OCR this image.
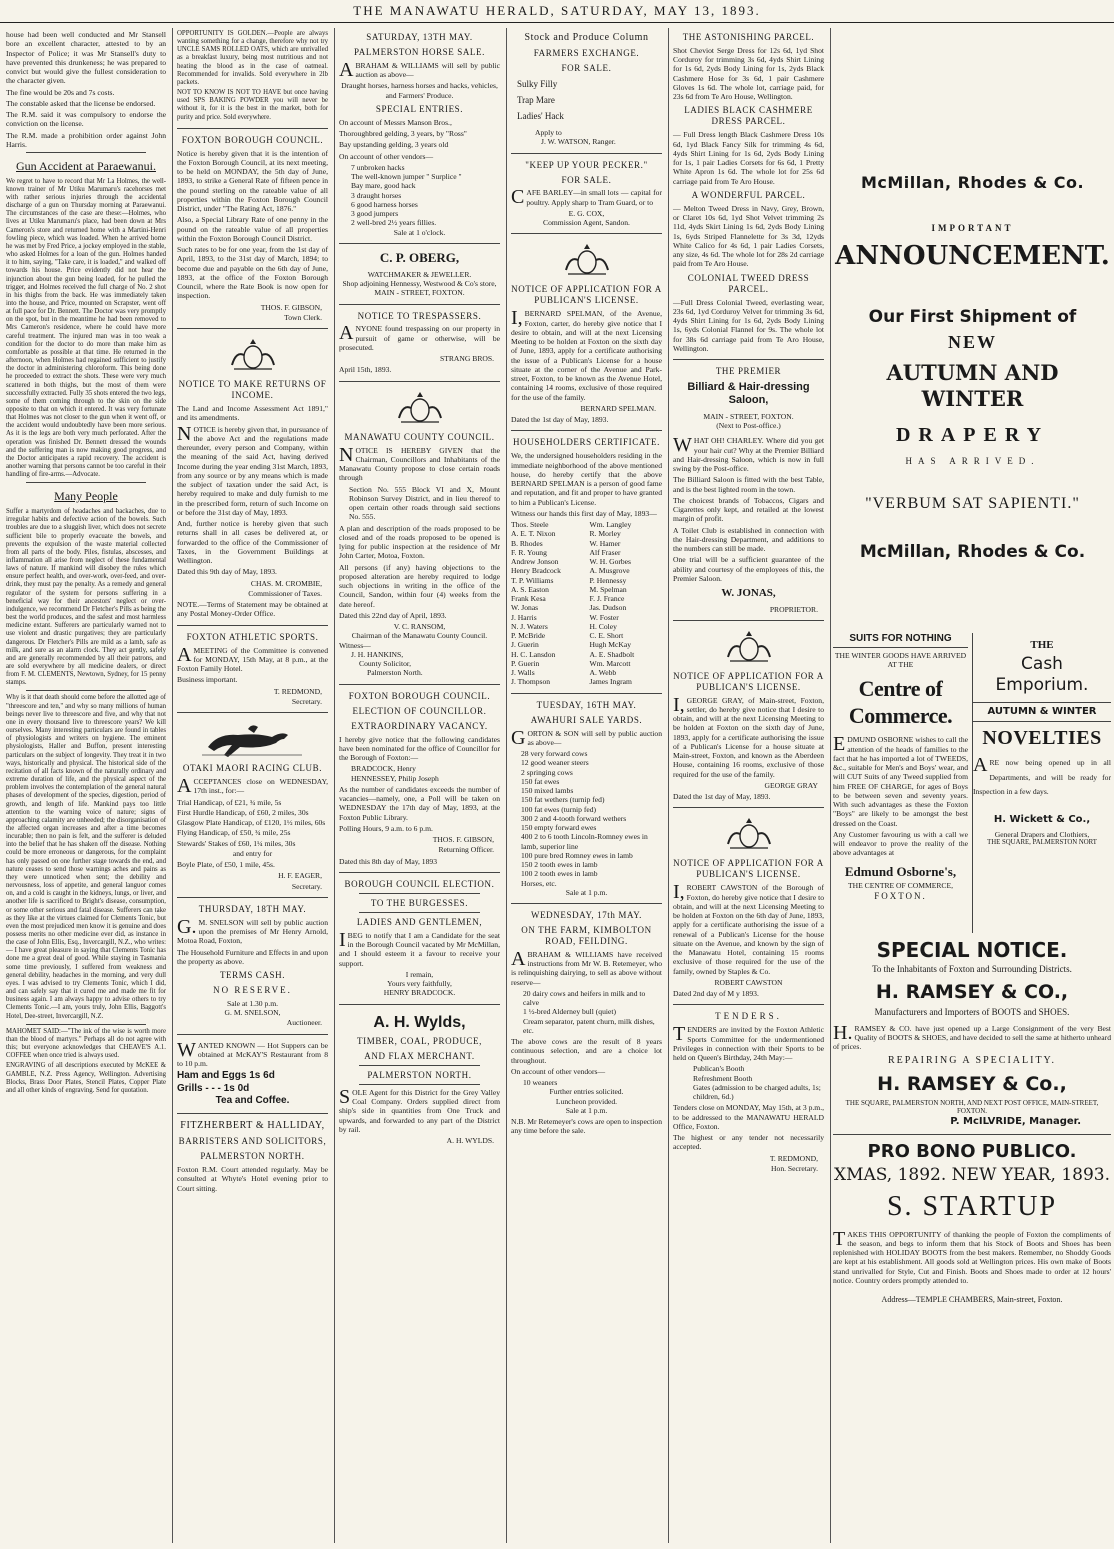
THE MANAWATU HERALD, SATURDAY, MAY 13, 1893.

house had been well conducted and Mr Stansell bore an excellent character, attested to by an Inspector of Police; it was Mr Stansell's duty to have prevented this drunkeness; he was prepared to convict but would give the fullest consideration to the character given.

The fine would be 20s and 7s costs.

The constable asked that the license be endorsed.

The R.M. said it was compulsory to endorse the conviction on the license.

The R.M. made a prohibition order against John Harris.

Gun Accident at Paraewanui.

We regret to have to record that Mr La Holmes, the well-known trainer of Mr Utiku Marumaru's racehorses met with rather serious injuries through the accidental discharge of a gun on Thursday morning at Paraewanui. The circumstances of the case are these:—Holmes, who lives at Utiku Marumaru's place, had been down at Mrs Cameron's store and returned home with a Martini-Henri fowling piece, which was loaded. When he arrived home he was met by Fred Price, a jockey employed in the stable, who asked Holmes for a loan of the gun. Holmes handed it to him, saying, "Take care, it is loaded," and walked off towards his house. Price evidently did not hear the injunction about the gun being loaded, for he pulled the trigger, and Holmes received the full charge of No. 2 shot in his thighs from the back. He was immediately taken into the house, and Price, mounted on Scrapster, went off at full pace for Dr. Bennett. The Doctor was very promptly on the spot, but in the meantime he had been removed to Mrs Cameron's residence, where he could have more careful treatment. The injured man was in too weak a condition for the doctor to do more than make him as comfortable as possible at that time. He returned in the afternoon, when Holmes had regained sufficient to justify the doctor in administering chloroform. This being done he proceeded to extract the shots. These were very much scattered in both thighs, but the most of them were successfully extracted. Fully 35 shots entered the two legs, some of them coming through to the skin on the side opposite to that on which it entered. It was very fortunate that Holmes was not closer to the gun when it went off, or the accident would undoubtedly have been more serious. As it is the legs are both very much perforated. After the operation was finished Dr. Bennett dressed the wounds and the suffering man is now making good progress, and the Doctor anticipates a rapid recovery. The accident is another warning that persons cannot be too careful in their handling of fire-arms.—Advocate.

Many People

Suffer a martyrdom of headaches and backaches, due to irregular habits and defective action of the bowels. Such troubles are due to a sluggish liver, which does not secrete sufficient bile to properly evacuate the bowels, and prevents the expulsion of the waste material collected from all parts of the body. Piles, fistulas, abscesses, and inflammation all arise from neglect of these fundamental laws of nature. If mankind will disobey the rules which ensure perfect health, and over-work, over-feed, and over-drink, they must pay the penalty. As a remedy and general regulator of the system for persons suffering in a beneficial way for their ancestors' neglect or over-indulgence, we recommend Dr Fletcher's Pills as being the best the world produces, and the safest and most harmless medicine extant. Sufferers are particularly warned not to use violent and drastic purgatives; they are particularly dangerous. Dr Fletcher's Pills are mild as a lamb, safe as milk, and sure as an alarm clock. They act gently, safely and are generally recommended by all their patrons, and are sold everywhere by all medicine dealers, or direct from F. M. CLEMENTS, Newtown, Sydney, for 15 penny stamps.

Why is it that death should come before the allotted age of "threescore and ten," and why so many millions of human beings never live to threescore and five, and why that not one in every thousand live to threescore years? We kill ourselves. Many interesting particulars are found in tables of physiologists and writers on hygiene. The eminent physiologists, Haller and Buffon, present interesting particulars on the subject of longevity. They treat it in two ways, historically and physical. The historical side of the recitation of all facts known of the naturally ordinary and extreme duration of life, and the physical aspect of the problem involves the contemplation of the general natural phases of development of the species, digestion, period of growth, and length of life. Mankind pays too little attention to the warning voice of nature; signs of approaching calamity are unheeded; the disorganisation of the affected organ increases and after a time becomes incurable; then no pain is felt, and the sufferer is deluded into the belief that he has shaken off the disease. Nothing could be more erroneous or dangerous, for the complaint has only passed on one further stage towards the end, and nature ceases to send those warnings aches and pains as they were unnoticed when sent; the debility and nervousness, loss of appetite, and general languor comes on, and a cold is caught in the kidneys, lungs, or liver, and another life is sacrificed to Bright's disease, consumption, or some other serious and fatal disease. Sufferers can take as they like at the virtues claimed for Clements Tonic, but even the most prejudiced men know it is genuine and does possess merits no other medicine ever did, as instance in the case of John Ellis, Esq., Invercargill, N.Z., who writes:— I have great pleasure in saying that Clements Tonic has done me a great deal of good. While staying in Tasmania some time previously, I suffered from weakness and general debility, headaches in the morning, and very dull eyes. I was advised to try Clements Tonic, which I did, and can safely say that it cured me and made me fit for business again. I am always happy to advise others to try Clements Tonic.—I am, yours truly, John Ellis, Baggott's Hotel, Dee-street, Invercargill, N.Z.

MAHOMET SAID:—"The ink of the wise is worth more than the blood of martyrs." Perhaps all do not agree with this; but everyone acknowledges that CHEAVE'S A.1. COFFEE when once tried is always used.

ENGRAVING of all descriptions executed by McKEE & GAMBLE, N.Z. Press Agency, Wellington. Advertising Blocks, Brass Door Plates, Stencil Plates, Copper Plate and all other kinds of engraving. Send for quotation.

OPPORTUNITY IS GOLDEN.—People are always wanting something for a change, therefore why not try UNCLE SAMS ROLLED OATS, which are unrivalled as a breakfast luxury, being most nutritious and not heating the blood as in the case of oatmeal. Recommended for invalids. Sold everywhere in 2lb packets.

NOT TO KNOW IS NOT TO HAVE but once having used SPS BAKING POWDER you will never be without it, for it is the best in the market, both for purity and price. Sold everywhere.

FOXTON BOROUGH COUNCIL.

Notice is hereby given that it is the intention of the Foxton Borough Council, at its next meeting, to be held on MONDAY, the 5th day of June, 1893, to strike a General Rate of fifteen pence in the pound sterling on the rateable value of all properties within the Foxton Borough Council District, under "The Rating Act, 1876."

Also, a Special Library Rate of one penny in the pound on the rateable value of all properties within the Foxton Borough Council District.

Such rates to be for one year, from the 1st day of April, 1893, to the 31st day of March, 1894; to become due and payable on the 6th day of June, 1893, at the office of the Foxton Borough Council, where the Rate Book is now open for inspection.

THOS. F. GIBSON,
Town Clerk.
NOTICE TO MAKE RETURNS OF INCOME.

The Land and Income Assessment Act 1891," and its amendments.

NOTICE is hereby given that, in pursuance of the above Act and the regulations made thereunder, every person and Company, within the meaning of the said Act, having derived Income during the year ending 31st March, 1893, from any source or by any means which is made the subject of taxation under the said Act, is hereby required to make and duly furnish to me in the prescribed form, return of such Income on or before the 31st day of May, 1893.

And, further notice is hereby given that such returns shall in all cases be delivered at, or forwarded to the office of the Commissioner of Taxes, in the Government Buildings at Wellington.

Dated this 9th day of May, 1893.

CHAS. M. CROMBIE,
Commissioner of Taxes.

NOTE.—Terms of Statement may be obtained at any Postal Money-Order Office.

FOXTON ATHLETIC SPORTS.

AMEETING of the Committee is convened for MONDAY, 15th May, at 8 p.m., at the Foxton Family Hotel.

Business important.

T. REDMOND,
Secretary.
OTAKI MAORI RACING CLUB.

ACCEPTANCES close on WEDNESDAY, 17th inst., for:—

Trial Handicap, of £21, ¾ mile, 5s
First Hurdle Handicap, of £60, 2 miles, 30s
Glasgow Plate Handicap, of £120, 1½ miles, 60s
Flying Handicap, of £50, ¾ mile, 25s
Stewards' Stakes of £60, 1¼ miles, 30s
and entry for

Boyle Plate, of £50, 1 mile, 45s.

H. F. EAGER,
Secretary.
THURSDAY, 18TH MAY.

G.M. SNELSON will sell by public auction upon the premises of Mr Henry Arnold, Motoa Road, Foxton,

The Household Furniture and Effects in and upon the property as above.

TERMS CASH.
NO RESERVE.
Sale at 1.30 p.m.
G. M. SNELSON,
Auctioneer.

WANTED KNOWN — Hot Suppers can be obtained at McKAY'S Restaurant from 8 to 10 p.m.

Ham and Eggs 1s 6d
Grills - - - 1s 0d
Tea and Coffee.
FITZHERBERT & HALLIDAY,
BARRISTERS AND SOLICITORS,
PALMERSTON NORTH.

Foxton R.M. Court attended regularly. May be consulted at Whyte's Hotel evening prior to Court sitting.

SATURDAY, 13TH MAY.
PALMERSTON HORSE SALE.

ABRAHAM & WILLIAMS will sell by public auction as above—

Draught horses, harness horses and hacks, vehicles, and Farmers' Produce.

SPECIAL ENTRIES.

On account of Messrs Manson Bros.,

Thoroughbred gelding, 3 years, by "Ross"

Bay upstanding gelding, 3 years old

On account of other vendors—

7 unbroken hacks
The well-known jumper " Surplice "
Bay mare, good hack
3 draught horses
6 good harness horses
3 good jumpers
2 well-bred 2½ years fillies.
Sale at 1 o'clock.
C. P. OBERG,
WATCHMAKER & JEWELLER.
Shop adjoining Hennessy, Westwood & Co's store,
MAIN - STREET, FOXTON.
NOTICE TO TRESPASSERS.

ANYONE found trespassing on our property in pursuit of game or otherwise, will be prosecuted.

STRANG BROS.

April 15th, 1893.

MANAWATU COUNTY COUNCIL.

NOTICE IS HEREBY GIVEN that the Chairman, Councillors and Inhabitants of the Manawatu County propose to close certain roads through

Section No. 555 Block VI and X, Mount Robinson Survey District, and in lieu thereof to open certain other roads through said sections No. 555.

A plan and description of the roads proposed to be closed and of the roads proposed to be opened is lying for public inspection at the residence of Mr John Carter, Motoa, Foxton.

All persons (if any) having objections to the proposed alteration are hereby required to lodge such objections in writing in the office of the Council, Sandon, within four (4) weeks from the date hereof.

Dated this 22nd day of April, 1893.

V. C. RANSOM,
Chairman of the Manawatu County Council.
Witness—
J. H. HANKINS,
County Solicitor,
Palmerston North.
FOXTON BOROUGH COUNCIL.
ELECTION OF COUNCILLOR.
EXTRAORDINARY VACANCY.

I hereby give notice that the following candidates have been nominated for the office of Councillor for the Borough of Foxton:—

BRADCOCK, Henry
HENNESSEY, Philip Joseph

As the number of candidates exceeds the number of vacancies—namely, one, a Poll will be taken on WEDNESDAY the 17th day of May, 1893, at the Foxton Public Library.

Polling Hours, 9 a.m. to 6 p.m.

THOS. F. GIBSON,
Returning Officer.

Dated this 8th day of May, 1893

BOROUGH COUNCIL ELECTION.
TO THE BURGESSES.
LADIES AND GENTLEMEN,

IBEG to notify that I am a Candidate for the seat in the Borough Council vacated by Mr McMillan, and I should esteem it a favour to receive your support.

I remain,
Yours very faithfully,
HENRY BRADCOCK.
A. H. Wylds,
TIMBER, COAL, PRODUCE,
AND FLAX MERCHANT.
PALMERSTON NORTH.

SOLE Agent for this District for the Grey Valley Coal Company. Orders supplied direct from ship's side in quantities from One Truck and upwards, and forwarded to any part of the District by rail.

A. H. WYLDS.
Stock and Produce Column
FARMERS EXCHANGE.
FOR SALE.
Sulky Filly
Trap Mare
Ladies' Hack
Apply to
J. W. WATSON, Ranger.
"KEEP UP YOUR PECKER."
FOR SALE.

CAFE BARLEY—in small lots — capital for poultry. Apply sharp to Tram Guard, or to

E. G. COX,
Commission Agent, Sandon.
NOTICE OF APPLICATION FOR A PUBLICAN'S LICENSE.

I,BERNARD SPELMAN, of the Avenue, Foxton, carter, do hereby give notice that I desire to obtain, and will at the next Licensing Meeting to be holden at Foxton on the sixth day of June, 1893, apply for a certificate authorising the issue of a Publican's License for a house situate at the corner of the Avenue and Park-street, Foxton, to be known as the Avenue Hotel, containing 14 rooms, exclusive of those required for the use of the family.

BERNARD SPELMAN.

Dated the 1st day of May, 1893.

HOUSEHOLDERS CERTIFICATE.

We, the undersigned householders residing in the immediate neighborhood of the above mentioned house, do hereby certify that the above BERNARD SPELMAN is a person of good fame and reputation, and fit and proper to have granted to him a Publican's License.

Witness our hands this first day of May, 1893—

Thos. Steele
A. E. T. Nixon
B. Rhodes
F. R. Young
Andrew Jonson
Henry Bradcock
T. P. Williams
A. S. Easton
Frank Kesa
W. Jonas
J. Harris
N. J. Waters
P. McBride
J. Guerin
H. C. Lansdon
P. Guerin
J. Walls
J. Thompson
Wm. Langley
R. Morley
W. Hamer
Alf Fraser
W. H. Gorbes
A. Musgrove
P. Hennessy
M. Spelman
F. J. France
Jas. Dudson
W. Foster
H. Coley
C. E. Short
Hugh McKay
A. E. Shadbolt
Wm. Marcott
A. Webb
James Ingram
TUESDAY, 16TH MAY.
AWAHURI SALE YARDS.

GORTON & SON will sell by public auction as above—

28 very forward cows
12 good weaner steers
2 springing cows
150 fat ewes
150 mixed lambs
150 fat wethers (turnip fed)
100 fat ewes (turnip fed)
300 2 and 4-tooth forward wethers
150 empty forward ewes
400 2 to 6 tooth Lincoln-Romney ewes in lamb, superior line
100 pure bred Romney ewes in lamb
150 2 tooth ewes in lamb
100 2 tooth ewes in lamb
Horses, etc.
Sale at 1 p.m.
WEDNESDAY, 17th MAY.
ON THE FARM, KIMBOLTON ROAD, FEILDING.

ABRAHAM & WILLIAMS have received instructions from Mr W. B. Retemeyer, who is relinquishing dairying, to sell as above without reserve—

20 dairy cows and heifers in milk and to calve
1 ½-bred Alderney bull (quiet)
Cream separator, patent churn, milk dishes, etc.

The above cows are the result of 8 years continuous selection, and are a choice lot throughout.

On account of other vendors—

10 weaners
Further entries solicited.
Luncheon provided.
Sale at 1 p.m.

N.B. Mr Retemeyer's cows are open to inspection any time before the sale.

THE ASTONISHING PARCEL.

Shot Cheviot Serge Dress for 12s 6d, 1yd Shot Corduroy for trimming 3s 6d, 4yds Shirt Lining for 1s 6d, 2yds Body Lining for 1s, 2yds Black Cashmere Hose for 3s 6d, 1 pair Cashmere Gloves 1s 6d. The whole lot, carriage paid, for 23s 6d from Te Aro House, Wellington.

LADIES BLACK CASHMERE DRESS PARCEL.

— Full Dress length Black Cashmere Dress 10s 6d, 1yd Black Fancy Silk for trimming 4s 6d, 4yds Shirt Lining for 1s 6d, 2yds Body Lining for 1s, 1 pair Ladies Corsets for 6s 6d, 1 Pretty White Apron 1s 6d. The whole lot for 25s 6d carriage paid from Te Aro House.

A WONDERFUL PARCEL.

— Melton Tweed Dress in Navy, Grey, Brown, or Claret 10s 6d, 1yd Shot Velvet trimming 2s 11d, 4yds Skirt Lining 1s 6d, 2yds Body Lining 1s, 6yds Striped Flannelette for 3s 3d, 12yds White Calico for 4s 6d, 1 pair Ladies Corsets, any size, 4s 6d. The whole lot for 28s 2d carriage paid from Te Aro House.

COLONIAL TWEED DRESS PARCEL.

—Full Dress Colonial Tweed, everlasting wear, 23s 6d, 1yd Corduroy Velvet for trimming 3s 6d, 4yds Shirt Lining for 1s 6d, 2yds Body Lining 1s, 6yds Colonial Flannel for 9s. The whole lot for 38s 6d carriage paid from Te Aro House, Wellington.

THE PREMIER
Billiard & Hair-dressing Saloon,
MAIN - STREET, FOXTON.
(Next to Post-office.)

WHAT OH! CHARLEY. Where did you get your hair cut? Why at the Premier Billiard and Hair-dressing Saloon, which is now in full swing by the Post-office.

The Billiard Saloon is fitted with the best Table, and is the best lighted room in the town.

The choicest brands of Tobaccos, Cigars and Cigarettes only kept, and retailed at the lowest margin of profit.

A Toilet Club is established in connection with the Hair-dressing Department, and additions to the numbers can still be made.

One trial will be a sufficient guarantee of the ability and courtesy of the employees of this, the Premier Saloon.

W. JONAS,
PROPRIETOR.
NOTICE OF APPLICATION FOR A PUBLICAN'S LICENSE.

I,GEORGE GRAY, of Main-street, Foxton, settler, do hereby give notice that I desire to obtain, and will at the next Licensing Meeting to be holden at Foxton on the sixth day of June, 1893, apply for a certificate authorising the issue of a Publican's License for a house situate at Main-street, Foxton, and known as the Aberdeen House, containing 16 rooms, exclusive of those required for the use of the family.

GEORGE GRAY

Dated the 1st day of May, 1893.

NOTICE OF APPLICATION FOR A PUBLICAN'S LICENSE.

I,ROBERT CAWSTON of the Borough of Foxton, do hereby give notice that I desire to obtain, and will at the next Licensing Meeting to be holden at Foxton on the 6th day of June, 1893, apply for a certificate authorising the issue of a renewal of a Publican's License for the house situate on the Avenue, and known by the sign of the Manawatu Hotel, containing 15 rooms exclusive of those required for the use of the family, owned by Staples & Co.

ROBERT CAWSTON

Dated 2nd day of M y 1893.

TENDERS.

TENDERS are invited by the Foxton Athletic Sports Committee for the undermentioned Privileges in connection with their Sports to be held on Queen's Birthday, 24th May:—

Publican's Booth
Refreshment Booth
Gates (admission to be charged adults, 1s; children, 6d.)

Tenders close on MONDAY, May 15th, at 3 p.m., to be addressed to the MANAWATU HERALD Office, Foxton.

The highest or any tender not necessarily accepted.

T. REDMOND,
Hon. Secretary.
McMillan, Rhodes & Co.
IMPORTANT
ANNOUNCEMENT.
Our First Shipment of
NEW
AUTUMN AND WINTER
DRAPERY
HAS ARRIVED.
"VERBUM SAT SAPIENTI."
McMillan, Rhodes & Co.
SUITS FOR NOTHING
THE WINTER GOODS HAVE ARRIVED AT THE
Centre of Commerce.

EDMUND OSBORNE wishes to call the attention of the heads of families to the fact that he has imported a lot of TWEEDS, &c., suitable for Men's and Boys' wear, and will CUT Suits of any Tweed supplied from him FREE OF CHARGE, for ages of Boys to be between seven and seventy years. With such advantages as these the Foxton "Boys" are likely to be amongst the best dressed on the Coast.

Any Customer favouring us with a call we will endeavor to prove the reality of the above advantages at

Edmund Osborne's,
THE CENTRE OF COMMERCE,
FOXTON.
THE
Cash Emporium.
AUTUMN & WINTER
NOVELTIES

ARE now being opened up in all Departments, and will be ready for Inspection in a few days.

H. Wickett & Co.,
General Drapers and Clothiers,
THE SQUARE, PALMERSTON NORT
SPECIAL NOTICE.
To the Inhabitants of Foxton and Surrounding Districts.
H. RAMSEY & CO.,
Manufacturers and Importers of BOOTS and SHOES.

H.RAMSEY & CO. have just opened up a Large Consignment of the very Best Quality of BOOTS & SHOES, and have decided to sell the same at hitherto unheard of prices.

REPAIRING A SPECIALITY.
H. RAMSEY & Co.,
THE SQUARE, PALMERSTON NORTH, AND NEXT POST OFFICE, MAIN-STREET, FOXTON.
P. McILVRIDE, Manager.
PRO BONO PUBLICO.
XMAS, 1892. NEW YEAR, 1893.
S. STARTUP

TAKES THIS OPPORTUNITY of thanking the people of Foxton the compliments of the season, and begs to inform them that his Stock of Boots and Shoes has been replenished with HOLIDAY BOOTS from the best makers. Remember, no Shoddy Goods are kept at his establishment. All goods sold at Wellington prices. His own make of Boots stand unrivalled for Style, Cut and Finish. Boots and Shoes made to order at 12 hours' notice. Country orders promptly attended to.

Address—TEMPLE CHAMBERS, Main-street, Foxton.
